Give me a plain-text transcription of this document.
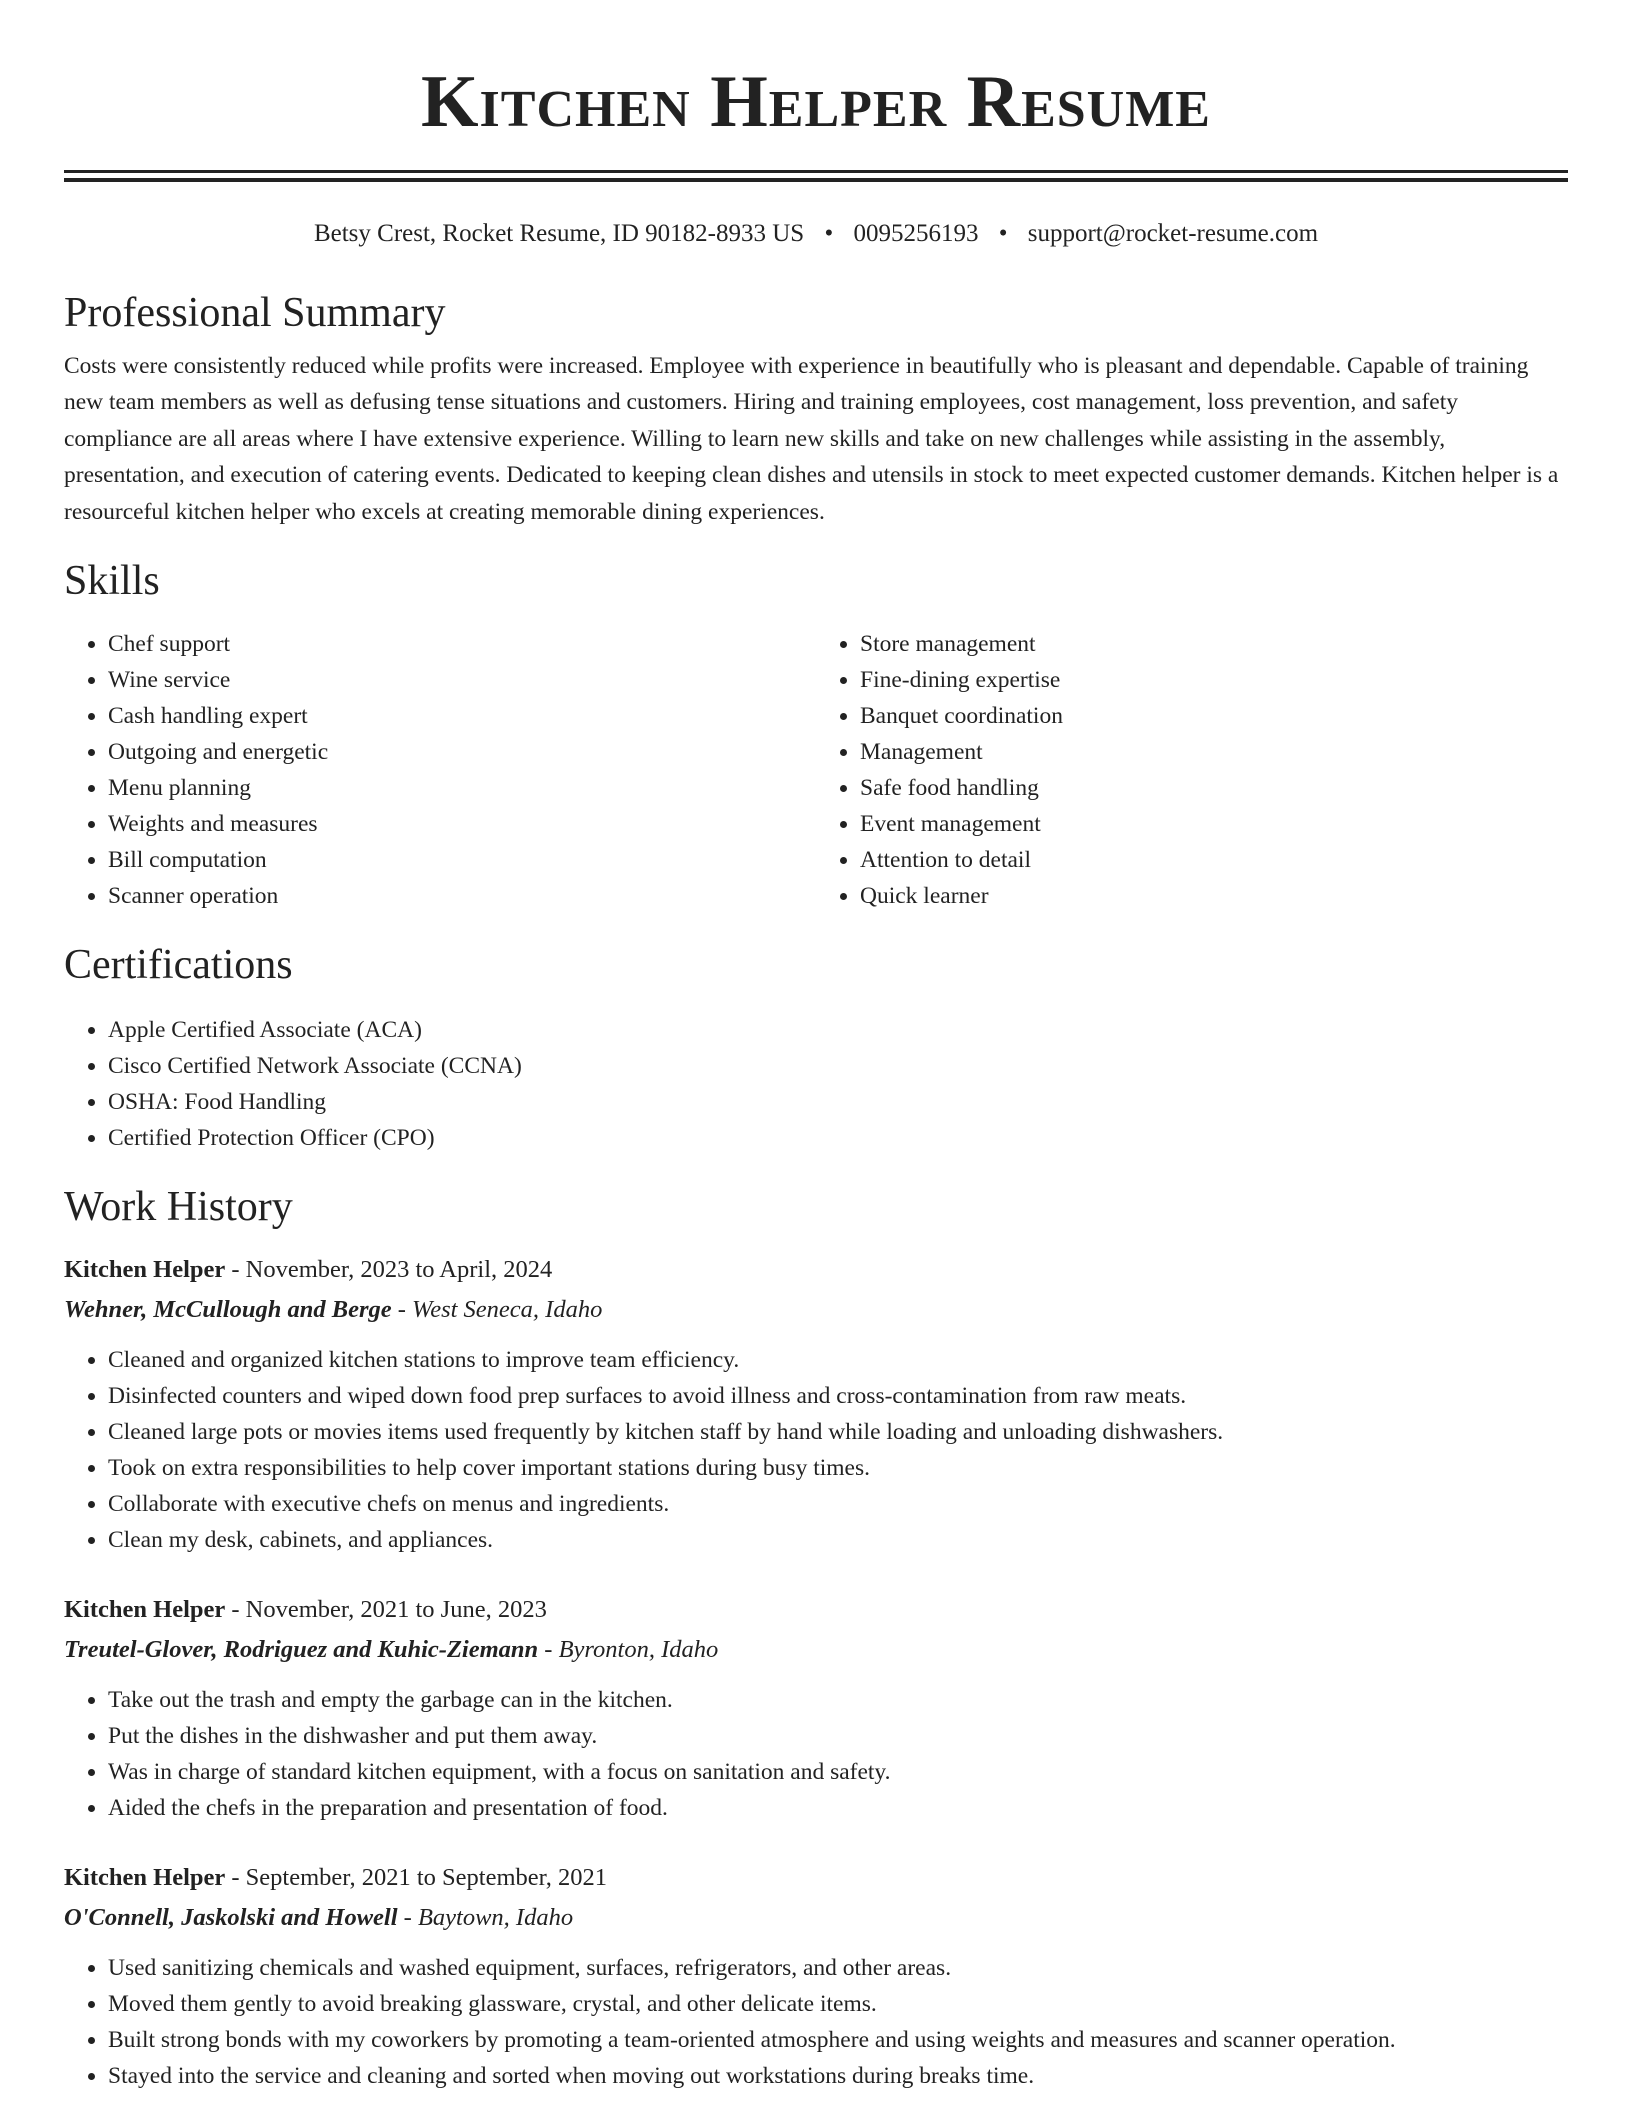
Kitchen Helper Resume
Betsy Crest, Rocket Resume, ID 90182-8933 US • 0095256193 • support@rocket-resume.com
Professional Summary

Costs were consistently reduced while profits were increased. Employee with experience in beautifully who is pleasant and dependable. Capable of training new team members as well as defusing tense situations and customers. Hiring and training employees, cost management, loss prevention, and safety compliance are all areas where I have extensive experience. Willing to learn new skills and take on new challenges while assisting in the assembly, presentation, and execution of catering events. Dedicated to keeping clean dishes and utensils in stock to meet expected customer demands. Kitchen helper is a resourceful kitchen helper who excels at creating memorable dining experiences.

Skills
• Chef support
• Wine service
• Cash handling expert
• Outgoing and energetic
• Menu planning
• Weights and measures
• Bill computation
• Scanner operation
• Store management
• Fine-dining expertise
• Banquet coordination
• Management
• Safe food handling
• Event management
• Attention to detail
• Quick learner
Certifications
• Apple Certified Associate (ACA)
• Cisco Certified Network Associate (CCNA)
• OSHA: Food Handling
• Certified Protection Officer (CPO)
Work History
Kitchen Helper - November, 2023 to April, 2024
Wehner, McCullough and Berge - West Seneca, Idaho
• Cleaned and organized kitchen stations to improve team efficiency.
• Disinfected counters and wiped down food prep surfaces to avoid illness and cross-contamination from raw meats.
• Cleaned large pots or movies items used frequently by kitchen staff by hand while loading and unloading dishwashers.
• Took on extra responsibilities to help cover important stations during busy times.
• Collaborate with executive chefs on menus and ingredients.
• Clean my desk, cabinets, and appliances.
Kitchen Helper - November, 2021 to June, 2023
Treutel-Glover, Rodriguez and Kuhic-Ziemann - Byronton, Idaho
• Take out the trash and empty the garbage can in the kitchen.
• Put the dishes in the dishwasher and put them away.
• Was in charge of standard kitchen equipment, with a focus on sanitation and safety.
• Aided the chefs in the preparation and presentation of food.
Kitchen Helper - September, 2021 to September, 2021
O'Connell, Jaskolski and Howell - Baytown, Idaho
• Used sanitizing chemicals and washed equipment, surfaces, refrigerators, and other areas.
• Moved them gently to avoid breaking glassware, crystal, and other delicate items.
• Built strong bonds with my coworkers by promoting a team-oriented atmosphere and using weights and measures and scanner operation.
• Stayed into the service and cleaning and sorted when moving out workstations during breaks time.
